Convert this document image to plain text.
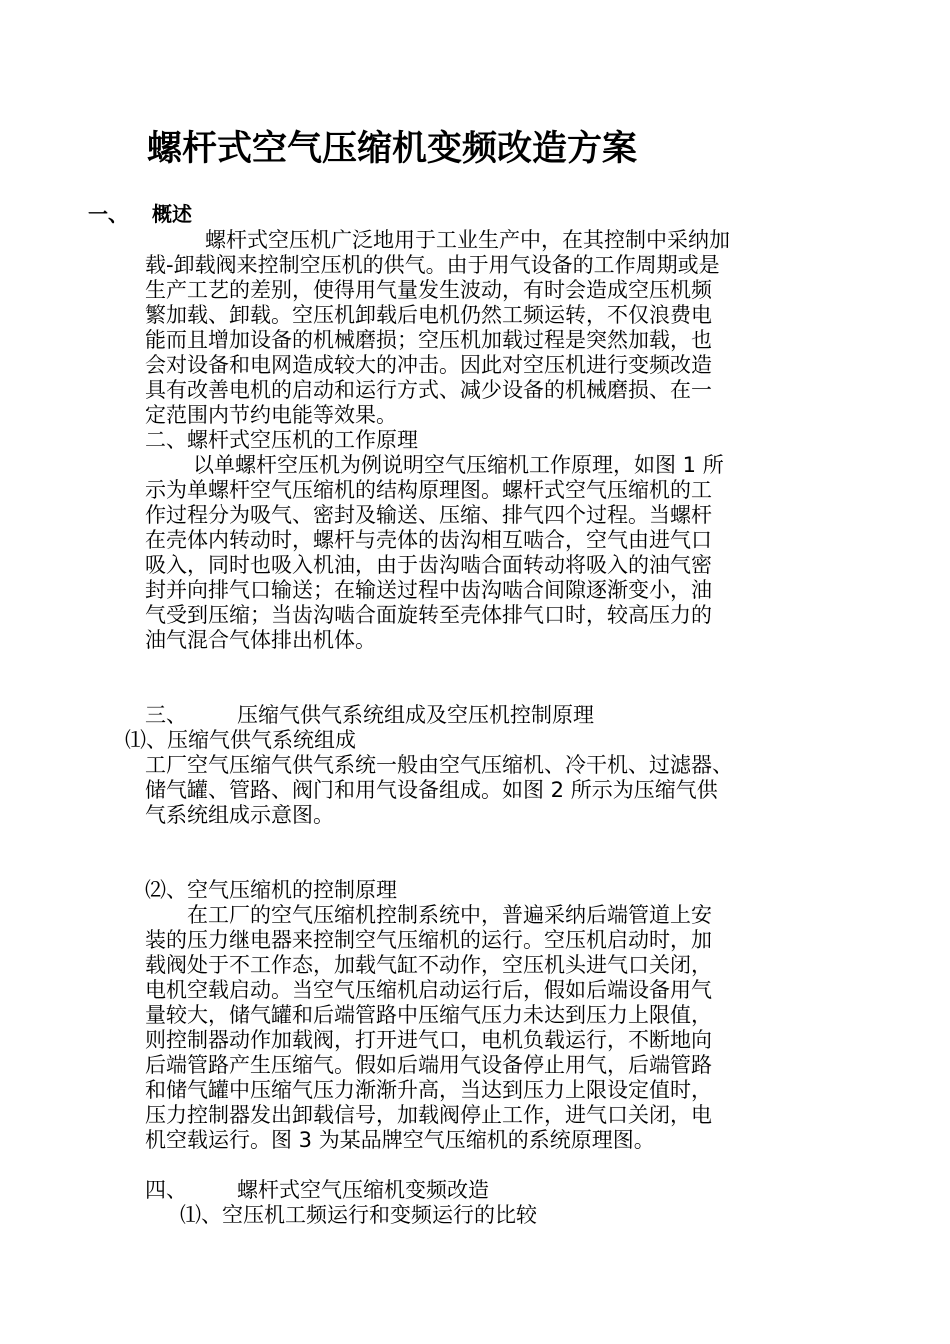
螺杆式空气压缩机变频改造方案
一、 概述
螺杆式空压机广泛地用于工业生产中，在其控制中采纳加
载-卸载阀来控制空压机的供气。由于用气设备的工作周期或是
生产工艺的差别，使得用气量发生波动，有时会造成空压机频
繁加载、卸载。空压机卸载后电机仍然工频运转，不仅浪费电
能而且增加设备的机械磨损；空压机加载过程是突然加载，也
会对设备和电网造成较大的冲击。因此对空压机进行变频改造
具有改善电机的启动和运行方式、减少设备的机械磨损、在一
定范围内节约电能等效果。
二、螺杆式空压机的工作原理
以单螺杆空压机为例说明空气压缩机工作原理，如图 1 所
示为单螺杆空气压缩机的结构原理图。螺杆式空气压缩机的工
作过程分为吸气、密封及输送、压缩、排气四个过程。当螺杆
在壳体内转动时，螺杆与壳体的齿沟相互啮合，空气由进气口
吸入，同时也吸入机油，由于齿沟啮合面转动将吸入的油气密
封并向排气口输送；在输送过程中齿沟啮合间隙逐渐变小，油
气受到压缩；当齿沟啮合面旋转至壳体排气口时，较高压力的
油气混合气体排出机体。
三、 压缩气供气系统组成及空压机控制原理
⑴、压缩气供气系统组成
工厂空气压缩气供气系统一般由空气压缩机、冷干机、过滤器、
储气罐、管路、阀门和用气设备组成。如图 2 所示为压缩气供
气系统组成示意图。
⑵、空气压缩机的控制原理
在工厂的空气压缩机控制系统中，普遍采纳后端管道上安
装的压力继电器来控制空气压缩机的运行。空压机启动时，加
载阀处于不工作态，加载气缸不动作，空压机头进气口关闭，
电机空载启动。当空气压缩机启动运行后，假如后端设备用气
量较大，储气罐和后端管路中压缩气压力未达到压力上限值，
则控制器动作加载阀，打开进气口，电机负载运行，不断地向
后端管路产生压缩气。假如后端用气设备停止用气，后端管路
和储气罐中压缩气压力渐渐升高，当达到压力上限设定值时，
压力控制器发出卸载信号，加载阀停止工作，进气口关闭，电
机空载运行。图 3 为某品牌空气压缩机的系统原理图。
四、 螺杆式空气压缩机变频改造
⑴、空压机工频运行和变频运行的比较
